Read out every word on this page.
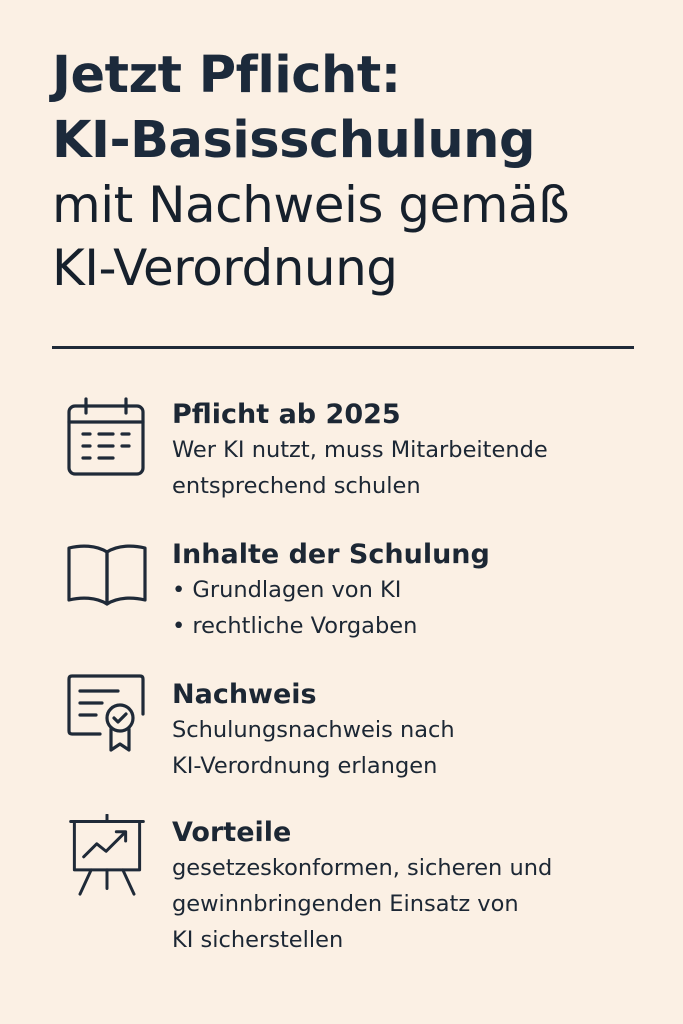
Jetzt Pflicht:
KI-Basisschulung
mit Nachweis gemäß
KI-Verordnung
Pflicht ab 2025
Wer KI nutzt, muss Mitarbeitende
entsprechend schulen
Inhalte der Schulung
• Grundlagen von KI
• rechtliche Vorgaben
Nachweis
Schulungsnachweis nach
KI-Verordnung erlangen
Vorteile
gesetzeskonformen, sicheren und
gewinnbringenden Einsatz von
KI sicherstellen
